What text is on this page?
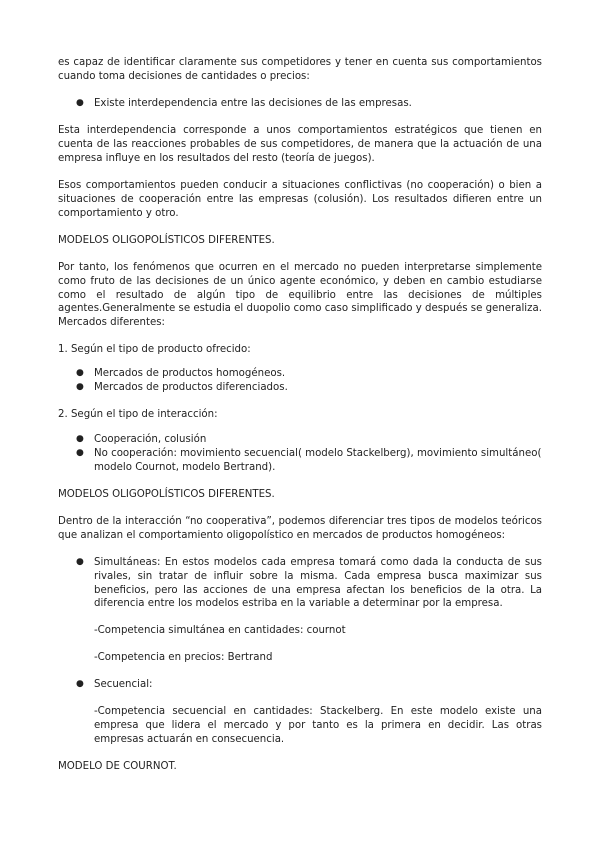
es capaz de identificar claramente sus competidores y tener en cuenta sus comportamientos cuando toma decisiones de cantidades o precios:

● Existe interdependencia entre las decisiones de las empresas.

Esta interdependencia corresponde a unos comportamientos estratégicos que tienen en cuenta de las reacciones probables de sus competidores, de manera que la actuación de una empresa influye en los resultados del resto (teoría de juegos).

Esos comportamientos pueden conducir a situaciones conflictivas (no cooperación) o bien a situaciones de cooperación entre las empresas (colusión). Los resultados difieren entre un comportamiento y otro.

MODELOS OLIGOPOLÍSTICOS DIFERENTES.

Por tanto, los fenómenos que ocurren en el mercado no pueden interpretarse simplemente como fruto de las decisiones de un único agente económico, y deben en cambio estudiarse como el resultado de algún tipo de equilibrio entre las decisiones de múltiples agentes.Generalmente se estudia el duopolio como caso simplificado y después se generaliza.

Mercados diferentes:

1. Según el tipo de producto ofrecido:

● Mercados de productos homogéneos.

● Mercados de productos diferenciados.

2. Según el tipo de interacción:

● Cooperación, colusión

● No cooperación: movimiento secuencial( modelo Stackelberg), movimiento simultáneo( modelo Cournot, modelo Bertrand).

MODELOS OLIGOPOLÍSTICOS DIFERENTES.

Dentro de la interacción “no cooperativa”, podemos diferenciar tres tipos de modelos teóricos que analizan el comportamiento oligopolístico en mercados de productos homogéneos:

● Simultáneas: En estos modelos cada empresa tomará como dada la conducta de sus rivales, sin tratar de influir sobre la misma. Cada empresa busca maximizar sus beneficios, pero las acciones de una empresa afectan los beneficios de la otra. La diferencia entre los modelos estriba en la variable a determinar por la empresa.

-Competencia simultánea en cantidades: cournot

-Competencia en precios: Bertrand

● Secuencial:

-Competencia secuencial en cantidades: Stackelberg. En este modelo existe una empresa que lidera el mercado y por tanto es la primera en decidir. Las otras empresas actuarán en consecuencia.

MODELO DE COURNOT.
